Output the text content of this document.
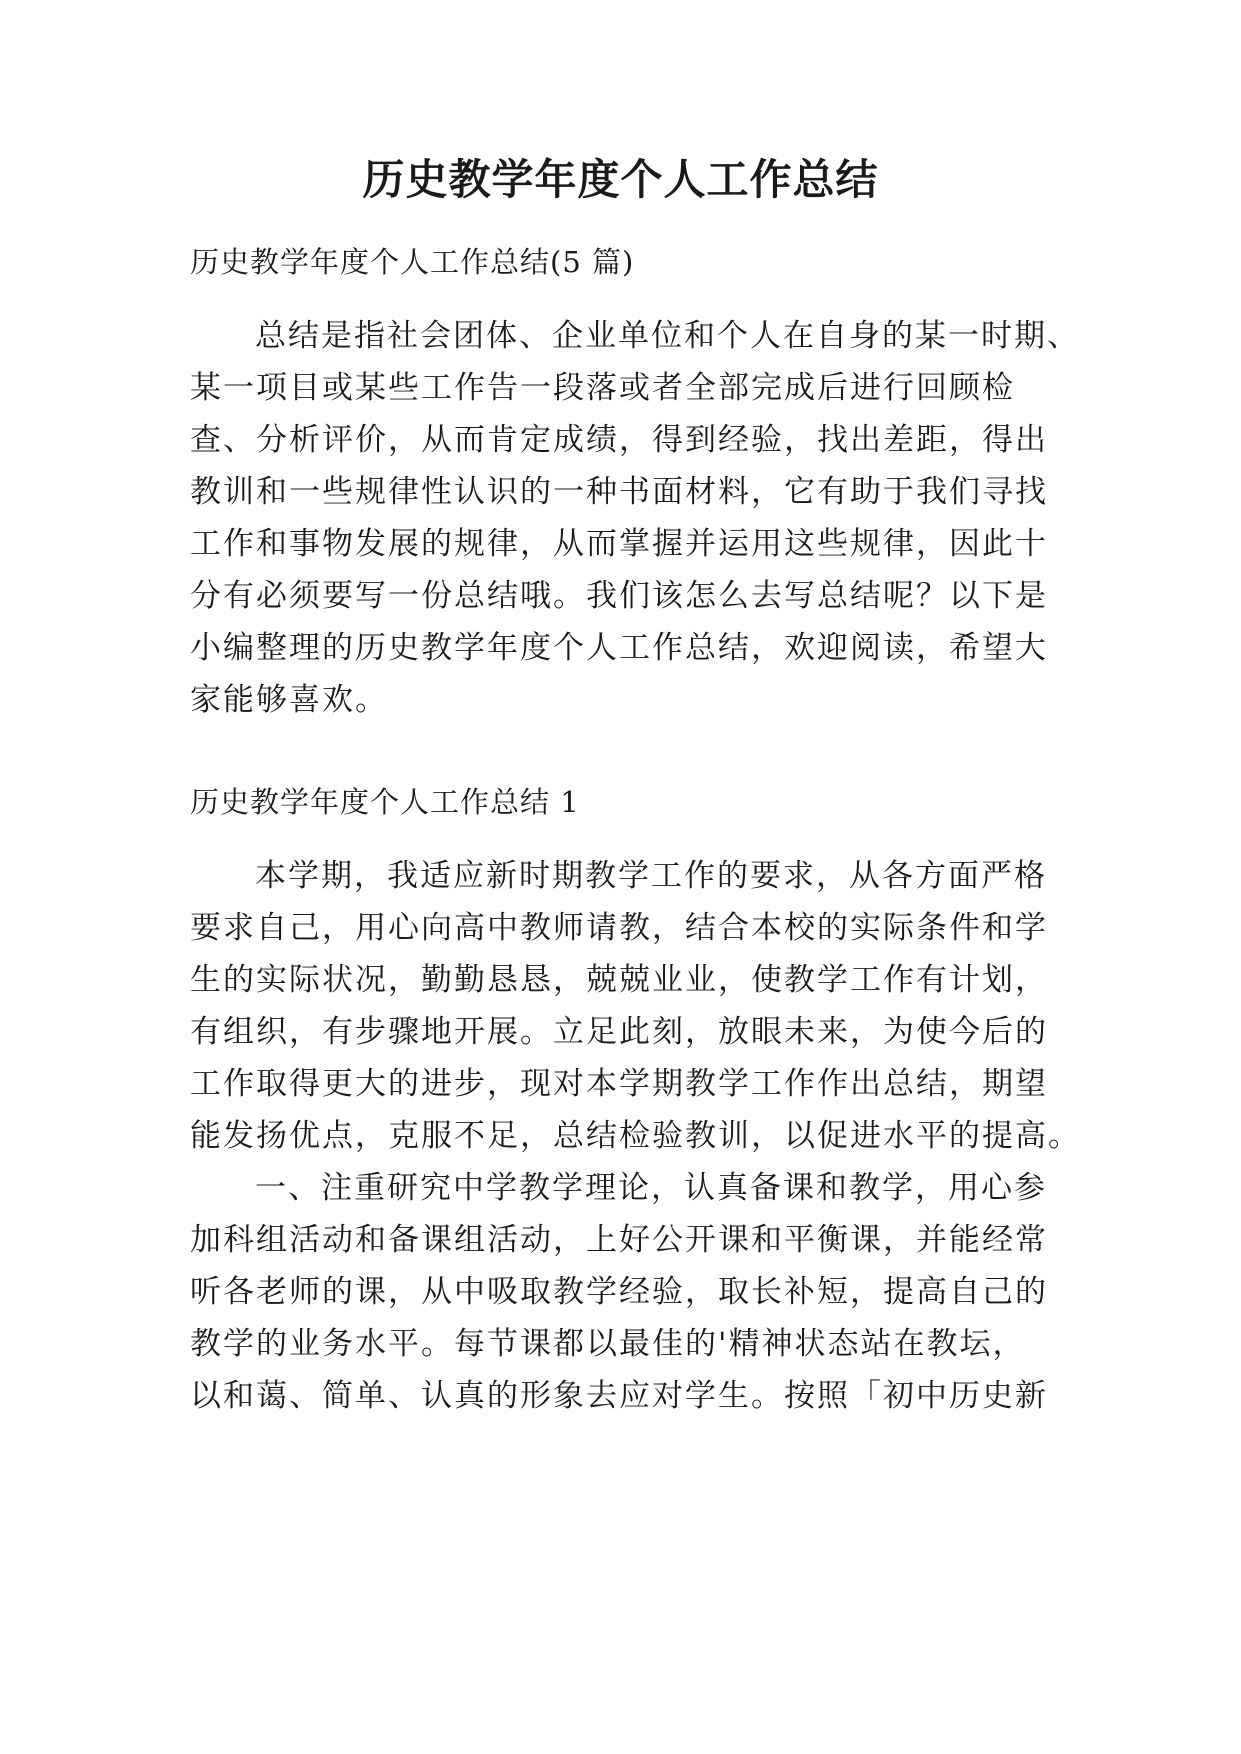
历史教学年度个人工作总结

历史教学年度个人工作总结(5 篇)

总结是指社会团体、企业单位和个人在自身的某一时期、

某一项目或某些工作告一段落或者全部完成后进行回顾检

查、分析评价，从而肯定成绩，得到经验，找出差距，得出

教训和一些规律性认识的一种书面材料，它有助于我们寻找

工作和事物发展的规律，从而掌握并运用这些规律，因此十

分有必须要写一份总结哦。我们该怎么去写总结呢？以下是

小编整理的历史教学年度个人工作总结，欢迎阅读，希望大

家能够喜欢。

历史教学年度个人工作总结 1

本学期，我适应新时期教学工作的要求，从各方面严格

要求自己，用心向高中教师请教，结合本校的实际条件和学

生的实际状况，勤勤恳恳，兢兢业业，使教学工作有计划，

有组织，有步骤地开展。立足此刻，放眼未来，为使今后的

工作取得更大的进步，现对本学期教学工作作出总结，期望

能发扬优点，克服不足，总结检验教训，以促进水平的提高。

一、注重研究中学教学理论，认真备课和教学，用心参

加科组活动和备课组活动，上好公开课和平衡课，并能经常

听各老师的课，从中吸取教学经验，取长补短，提高自己的

教学的业务水平。每节课都以最佳的'精神状态站在教坛，

以和蔼、简单、认真的形象去应对学生。按照「初中历史新
